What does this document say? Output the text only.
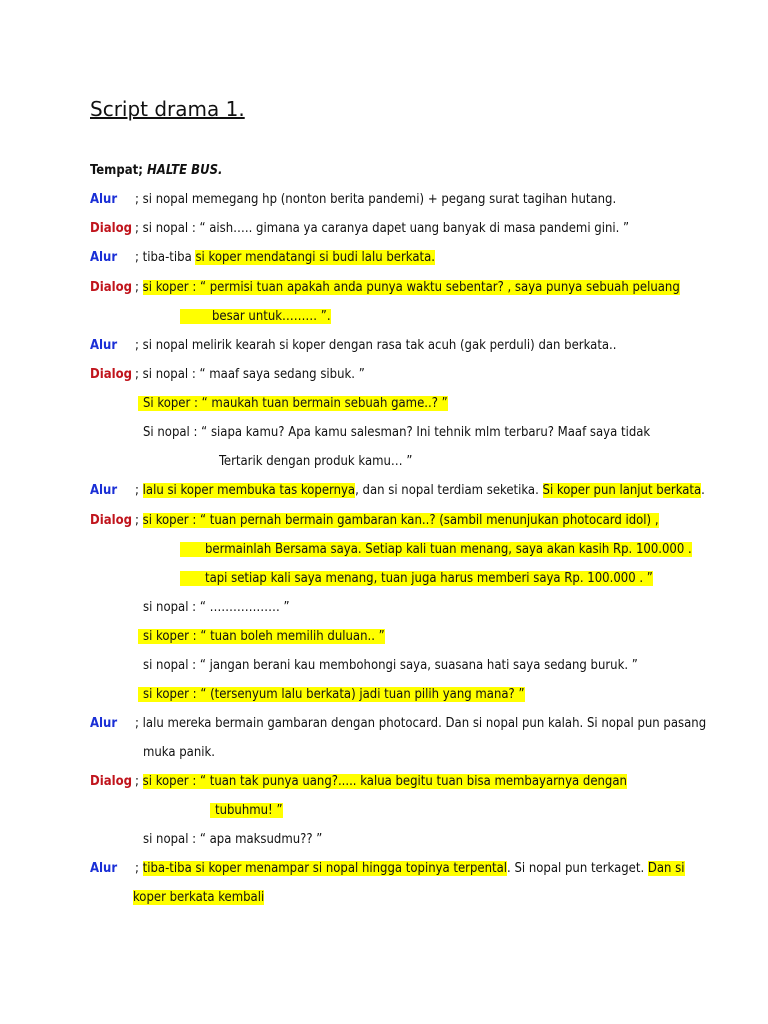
Script drama 1.
Tempat; HALTE BUS.
Alur ; si nopal memegang hp (nonton berita pandemi) + pegang surat tagihan hutang.
Dialog ; si nopal : “ aish….. gimana ya caranya dapet uang banyak di masa pandemi gini. ”
Alur ; tiba-tiba si koper mendatangi si budi lalu berkata.
Dialog ; si koper : “ permisi tuan apakah anda punya waktu sebentar? , saya punya sebuah peluang
besar untuk……… ”.
Alur ; si nopal melirik kearah si koper dengan rasa tak acuh (gak perduli) dan berkata..
Dialog ; si nopal : “ maaf saya sedang sibuk. ”
Si koper : “ maukah tuan bermain sebuah game..? ”
Si nopal : “ siapa kamu? Apa kamu salesman? Ini tehnik mlm terbaru? Maaf saya tidak
Tertarik dengan produk kamu… ”
Alur ; lalu si koper membuka tas kopernya, dan si nopal terdiam seketika. Si koper pun lanjut berkata.
Dialog ; si koper : “ tuan pernah bermain gambaran kan..? (sambil menunjukan photocard idol) ,
bermainlah Bersama saya. Setiap kali tuan menang, saya akan kasih Rp. 100.000 .
tapi setiap kali saya menang, tuan juga harus memberi saya Rp. 100.000 . ”
si nopal : “ ……………… ”
si koper : “ tuan boleh memilih duluan.. ”
si nopal : “ jangan berani kau membohongi saya, suasana hati saya sedang buruk. ”
si koper : “ (tersenyum lalu berkata) jadi tuan pilih yang mana? ”
Alur ; lalu mereka bermain gambaran dengan photocard. Dan si nopal pun kalah. Si nopal pun pasang
muka panik.
Dialog ; si koper : “ tuan tak punya uang?..... kalua begitu tuan bisa membayarnya dengan
tubuhmu! ”
si nopal : “ apa maksudmu?? ”
Alur ; tiba-tiba si koper menampar si nopal hingga topinya terpental. Si nopal pun terkaget. Dan si
koper berkata kembali
